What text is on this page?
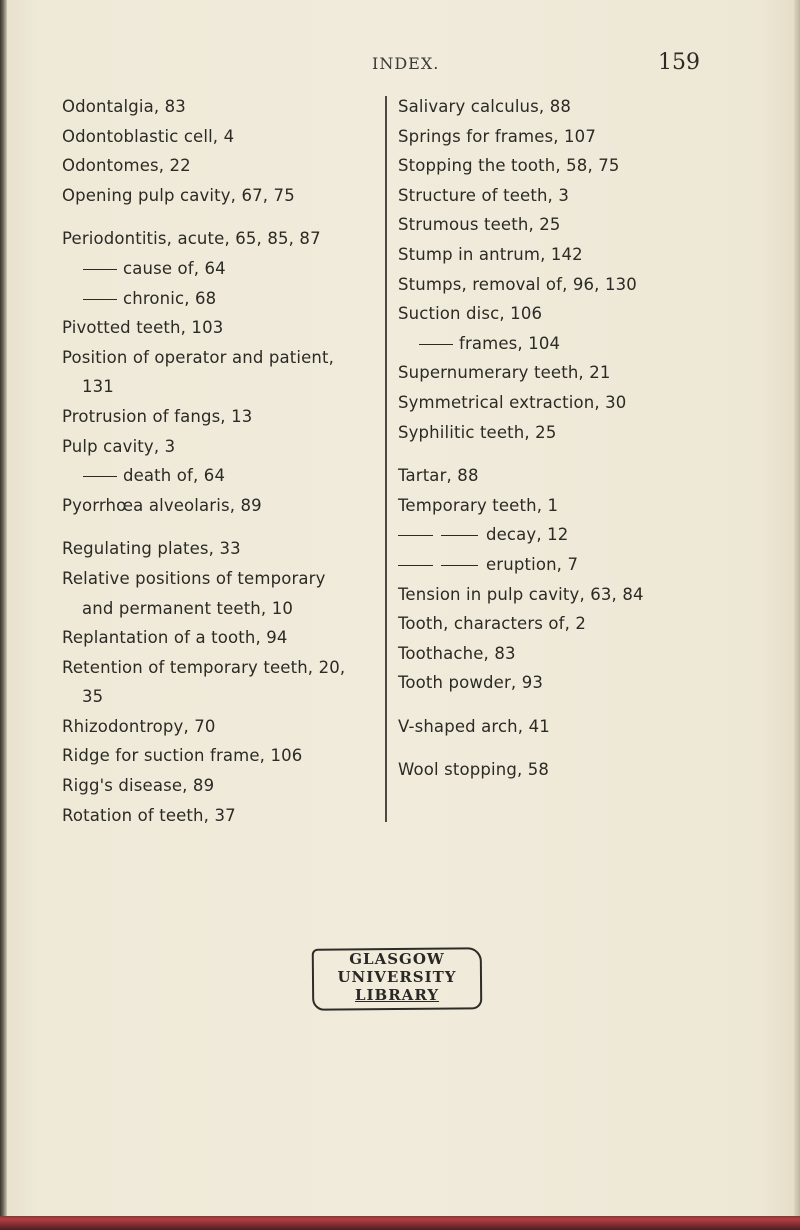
INDEX.	159
Odontalgia, 83
Odontoblastic cell, 4
Odontomes, 22
Opening pulp cavity, 67, 75
Periodontitis, acute, 65, 85, 87
cause of, 64
chronic, 68
Pivotted teeth, 103
Position of operator and patient,
131
Protrusion of fangs, 13
Pulp cavity, 3
death of, 64
Pyorrhœa alveolaris, 89
Regulating plates, 33
Relative positions of temporary
and permanent teeth, 10
Replantation of a tooth, 94
Retention of temporary teeth, 20,
35
Rhizodontropy, 70
Ridge for suction frame, 106
Rigg's disease, 89
Rotation of teeth, 37
Salivary calculus, 88
Springs for frames, 107
Stopping the tooth, 58, 75
Structure of teeth, 3
Strumous teeth, 25
Stump in antrum, 142
Stumps, removal of, 96, 130
Suction disc, 106
frames, 104
Supernumerary teeth, 21
Symmetrical extraction, 30
Syphilitic teeth, 25
Tartar, 88
Temporary teeth, 1
decay, 12
eruption, 7
Tension in pulp cavity, 63, 84
Tooth, characters of, 2
Toothache, 83
Tooth powder, 93
V-shaped arch, 41
Wool stopping, 58
GLASGOW
UNIVERSITY
LIBRARY
